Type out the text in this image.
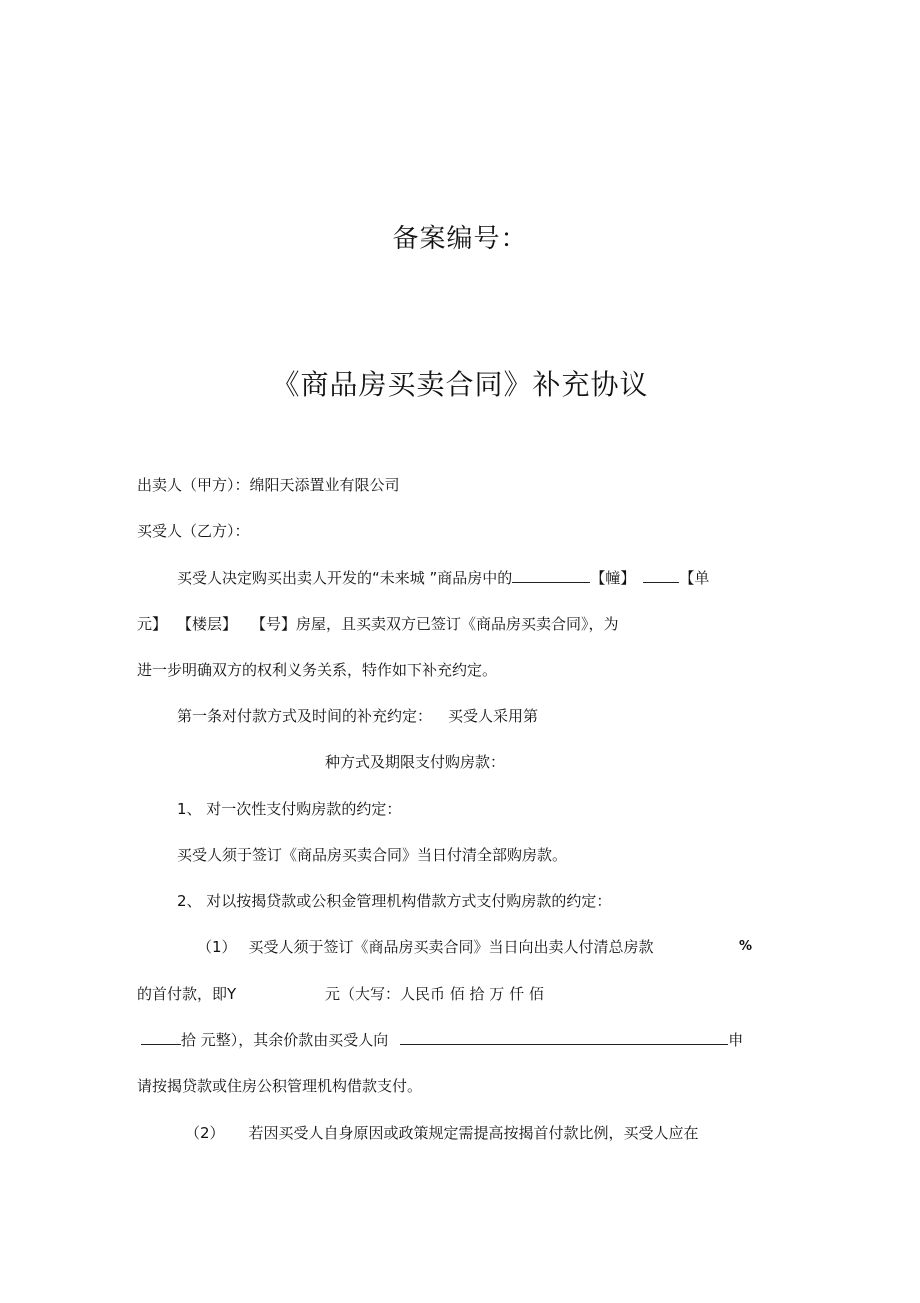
备案编号：
《商品房买卖合同》补充协议
出卖人（甲方）：绵阳天添置业有限公司
买受人（乙方）：
买受人决定购买出卖人开发的“未来城 ”商品房中的	【幢】	【单
元】 【楼层】 【号】房屋，且买卖双方已签订《商品房买卖合同》，为
进一步明确双方的权利义务关系，特作如下补充约定。
第一条对付款方式及时间的补充约定： 买受人采用第
种方式及期限支付购房款：
1、 对一次性支付购房款的约定：
买受人须于签订《商品房买卖合同》当日付清全部购房款。
2、 对以按揭贷款或公积金管理机构借款方式支付购房款的约定：
（1） 买受人须于签订《商品房买卖合同》当日向出卖人付清总房款	%
的首付款，即Y	元（大写：人民币 佰 拾 万 仟 佰
拾 元整），其余价款由买受人向	申
请按揭贷款或住房公积管理机构借款支付。
（2） 若因买受人自身原因或政策规定需提高按揭首付款比例，买受人应在
